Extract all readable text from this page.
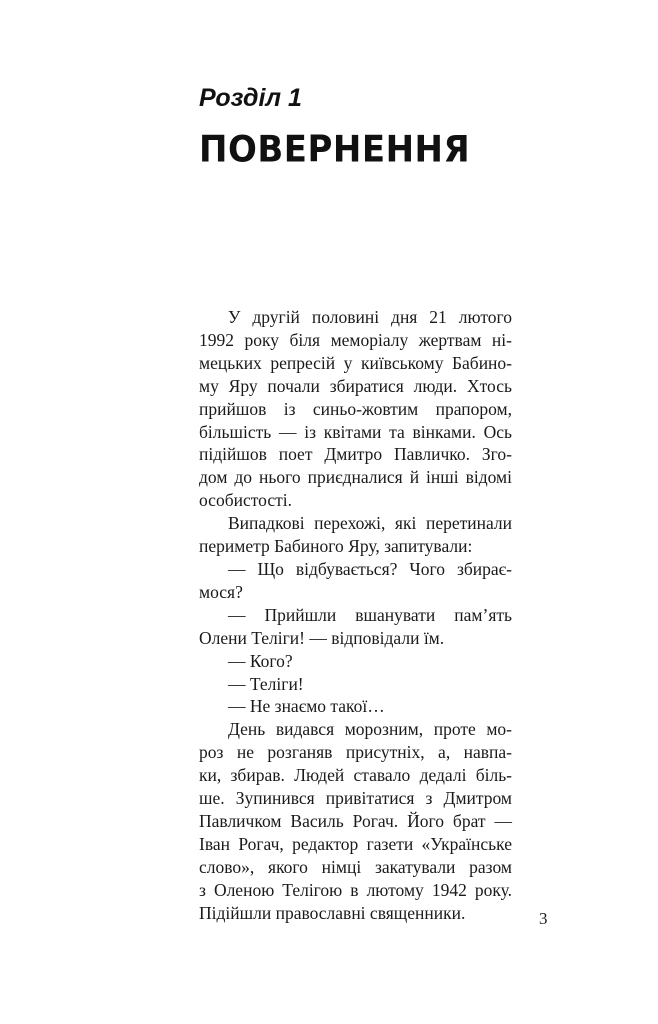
Розділ 1
ПОВЕРНЕННЯ
У другій половині дня 21 лютого
1992 року біля меморіалу жертвам ні-
мецьких репресій у київському Бабино-
му Яру почали збиратися люди. Хтось
прийшов із синьо-жовтим прапором,
більшість — із квітами та вінками. Ось
підійшов поет Дмитро Павличко. Зго-
дом до нього приєдналися й інші відомі
особистості.
Випадкові перехожі, які перетинали
периметр Бабиного Яру, запитували:
— Що відбувається? Чого збирає-
мося?
— Прийшли вшанувати пам’ять
Олени Теліги! — відповідали їм.
— Кого?
— Теліги!
— Не знаємо такої…
День видався морозним, проте мо-
роз не розганяв присутніх, а, навпа-
ки, збирав. Людей ставало дедалі біль-
ше. Зупинився привітатися з Дмитром
Павличком Василь Рогач. Його брат —
Іван Рогач, редактор газети «Українське
слово», якого німці закатували разом
з Оленою Телігою в лютому 1942 року.
Підійшли православні священники.	3
